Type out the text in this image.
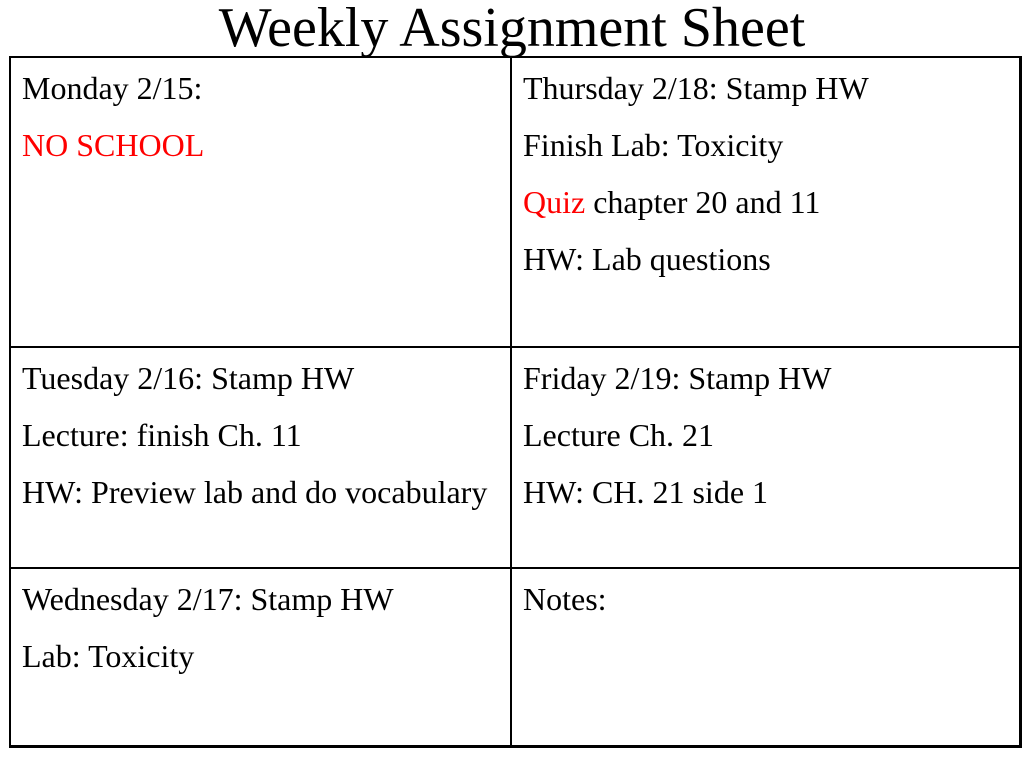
Weekly Assignment Sheet
Monday 2/15:
NO SCHOOL
Thursday 2/18: Stamp HW
Finish Lab: Toxicity
Quiz chapter 20 and 11
HW: Lab questions
Tuesday 2/16: Stamp HW
Lecture: finish Ch. 11
HW: Preview lab and do vocabulary
Friday 2/19: Stamp HW
Lecture Ch. 21
HW: CH. 21 side 1
Wednesday 2/17: Stamp HW
Lab: Toxicity
Notes:
